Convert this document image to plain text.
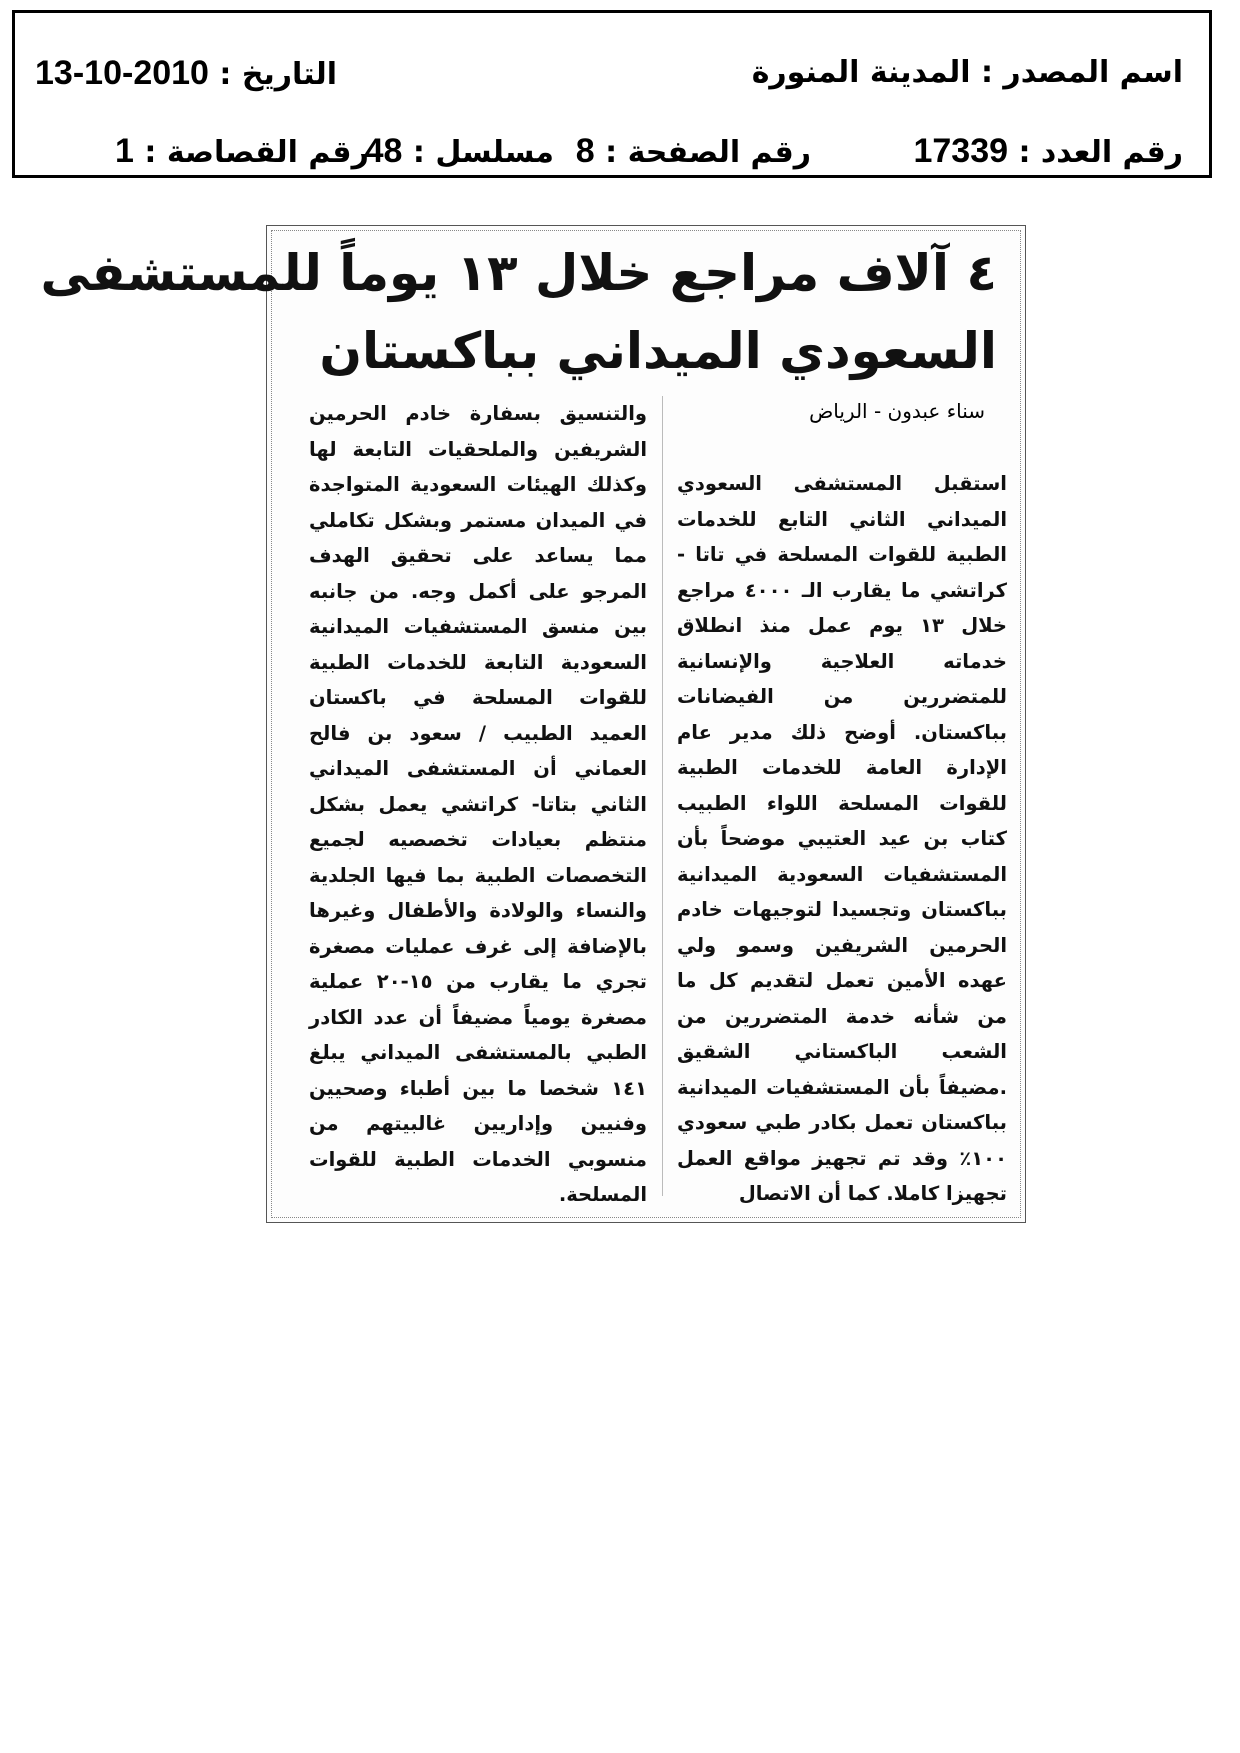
اسم المصدر : المدينة المنورة
التاريخ : 2010-10-13
رقم العدد : 17339
رقم الصفحة : 8
مسلسل : 48
رقم القصاصة : 1
٤ آلاف مراجع خلال ١٣ يوماً للمستشفى
السعودي الميداني بباكستان
سناء عبدون - الرياض

استقبل المستشفى السعودي الميداني الثاني التابع للخدمات الطبية للقوات المسلحة في تاتا - كراتشي ما يقارب الـ ٤٠٠٠ مراجع خلال ١٣ يوم عمل منذ انطلاق خدماته العلاجية والإنسانية للمتضررين من الفيضانات بباكستان. أوضح ذلك مدير عام الإدارة العامة للخدمات الطبية للقوات المسلحة اللواء الطبيب كتاب بن عيد العتيبي موضحاً بأن المستشفيات السعودية الميدانية بباكستان وتجسيدا لتوجيهات خادم الحرمين الشريفين وسمو ولي عهده الأمين تعمل لتقديم كل ما من شأنه خدمة المتضررين من الشعب الباكستاني الشقيق .مضيفاً بأن المستشفيات الميدانية بباكستان تعمل بكادر طبي سعودي ١٠٠٪ وقد تم تجهيز مواقع العمل تجهيزا كاملا. كما أن الاتصال

والتنسيق بسفارة خادم الحرمين الشريفين والملحقيات التابعة لها وكذلك الهيئات السعودية المتواجدة في الميدان مستمر وبشكل تكاملي مما يساعد على تحقيق الهدف المرجو على أكمل وجه. من جانبه بين منسق المستشفيات الميدانية السعودية التابعة للخدمات الطبية للقوات المسلحة في باكستان العميد الطبيب / سعود بن فالح العماني أن المستشفى الميداني الثاني بتاتا- كراتشي يعمل بشكل منتظم بعيادات تخصصيه لجميع التخصصات الطبية بما فيها الجلدية والنساء والولادة والأطفال وغيرها بالإضافة إلى غرف عمليات مصغرة تجري ما يقارب من ١٥-٢٠ عملية مصغرة يومياً مضيفاً أن عدد الكادر الطبي بالمستشفى الميداني يبلغ ١٤١ شخصا ما بين أطباء وصحيين وفنيين وإداريين غالبيتهم من منسوبي الخدمات الطبية للقوات المسلحة.
